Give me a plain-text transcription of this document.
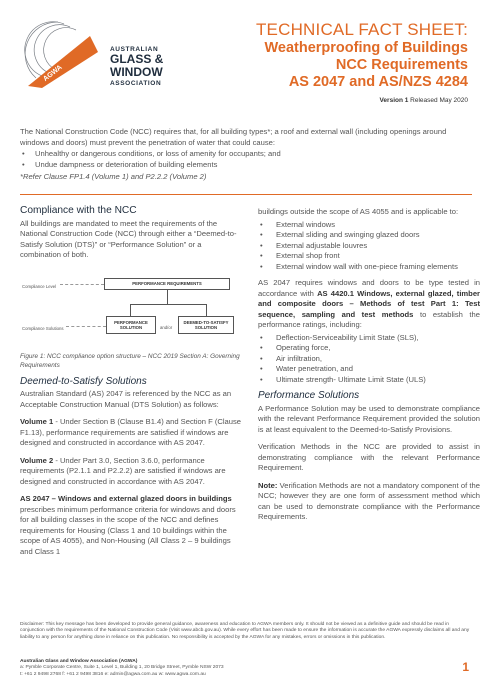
AUSTRALIAN
GLASS &
WINDOW
ASSOCIATION
AGWA
TECHNICAL FACT SHEET:
Weatherproofing of Buildings
NCC Requirements
AS 2047 and AS/NZS 4284
Version 1 Released May 2020

The National Construction Code (NCC) requires that, for all building types*; a roof and external wall (including openings around windows and doors) must prevent the penetration of water that could cause:

• Unhealthy or dangerous conditions, or loss of amenity for occupants; and
• Undue dampness or deterioration of building elements

*Refer Clause FP1.4 (Volume 1) and P2.2.2 (Volume 2)

Compliance with the NCC

All buildings are mandated to meet the requirements of the National Construction Code (NCC) through either a “Deemed-to-Satisfy Solution (DTS)” or “Performance Solution” or a combination of both.

Compliance Level	PERFORMANCE REQUIREMENTS
Compliance Solutions
PERFORMANCE SOLUTION	and/or
DEEMED-TO-SATISFY SOLUTION

Figure 1: NCC compliance option structure – NCC 2019 Section A: Governing Requirements

Deemed-to-Satisfy Solutions

Australian Standard (AS) 2047 is referenced by the NCC as an Acceptable Construction Manual (DTS Solution) as follows:

Volume 1 - Under Section B (Clause B1.4) and Section F (Clause F1.13), performance requirements are satisfied if windows are designed and constructed in accordance with AS 2047.

Volume 2 - Under Part 3.0, Section 3.6.0, performance requirements (P2.1.1 and P2.2.2) are satisfied if windows are designed and constructed in accordance with AS 2047.

AS 2047 – Windows and external glazed doors in buildings prescribes minimum performance criteria for windows and doors for all building classes in the scope of the NCC and defines requirements for Housing (Class 1 and 10 buildings within the scope of AS 4055), and Non-Housing (All Class 2 – 9 buildings and Class 1

buildings outside the scope of AS 4055 and is applicable to:

• External windows
• External sliding and swinging glazed doors
• External adjustable louvres
• External shop front
• External window wall with one-piece framing elements

AS 2047 requires windows and doors to be type tested in accordance with AS 4420.1 Windows, external glazed, timber and composite doors – Methods of test Part 1: Test sequence, sampling and test methods to establish the performance ratings, including:

• Deflection-Serviceability Limit State (SLS),
• Operating force,
• Air infiltration,
• Water penetration, and
• Ultimate strength- Ultimate Limit State (ULS)
Performance Solutions

A Performance Solution may be used to demonstrate compliance with the relevant Performance Requirement provided the solution is at least equivalent to the Deemed-to-Satisfy Provisions.

Verification Methods in the NCC are provided to assist in demonstrating compliance with the relevant Performance Requirement.

Note: Verification Methods are not a mandatory component of the NCC; however they are one form of assessment method which can be used to demonstrate compliance with the Performance Requirements.

Disclaimer: This key message has been developed to provide general guidance, awareness and education to AGWA members only. It should not be viewed as a definitive guide and should be read in conjunction with the requirements of the National Construction Code (Visit www.abcb.gov.au). While every effort has been made to ensure the information is accurate the AGWA expressly disclaims all and any liability to any person for anything done in reliance on this publication. No responsibility is accepted by the AGWA for any mistakes, errors or omissions in this publication.
Australian Glass and Window Association (AGWA)
a: Pymble Corporate Centre, Suite 1, Level 1, Building 1, 20 Bridge Street, Pymble NSW 2073
t: +61 2 9498 2768 f: +61 2 9498 3816 e: admin@agwa.com.au w: www.agwa.com.au
1
